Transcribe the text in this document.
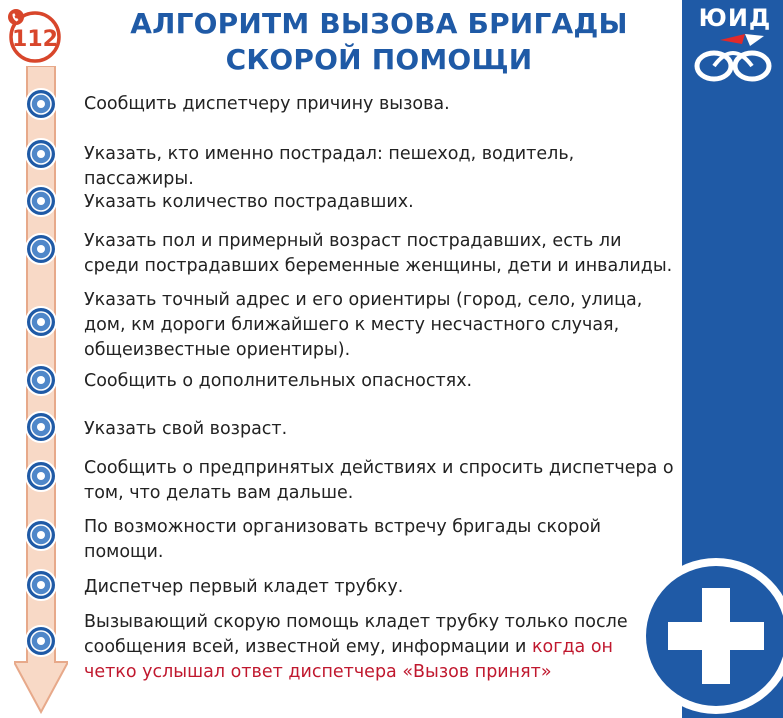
ЮИД
112	АЛГОРИТМ ВЫЗОВА БРИГАДЫ
СКОРОЙ ПОМОЩИ
Сообщить диспетчеру причину вызова.
Указать, кто именно пострадал: пешеход, водитель, пассажиры.
Указать количество пострадавших.
Указать пол и примерный возраст пострадавших, есть ли среди пострадавших беременные женщины, дети и инвалиды.
Указать точный адрес и его ориентиры (город, село, улица, дом, км дороги ближайшего к месту несчастного случая, общеизвестные ориентиры).
Сообщить о дополнительных опасностях.
Указать свой возраст.
Сообщить о предпринятых действиях и спросить диспетчера о том, что делать вам дальше.
По возможности организовать встречу бригады скорой помощи.
Диспетчер первый кладет трубку.
Вызывающий скорую помощь кладет трубку только после сообщения всей, известной ему, информации и когда он четко услышал ответ диспетчера «Вызов принят»
